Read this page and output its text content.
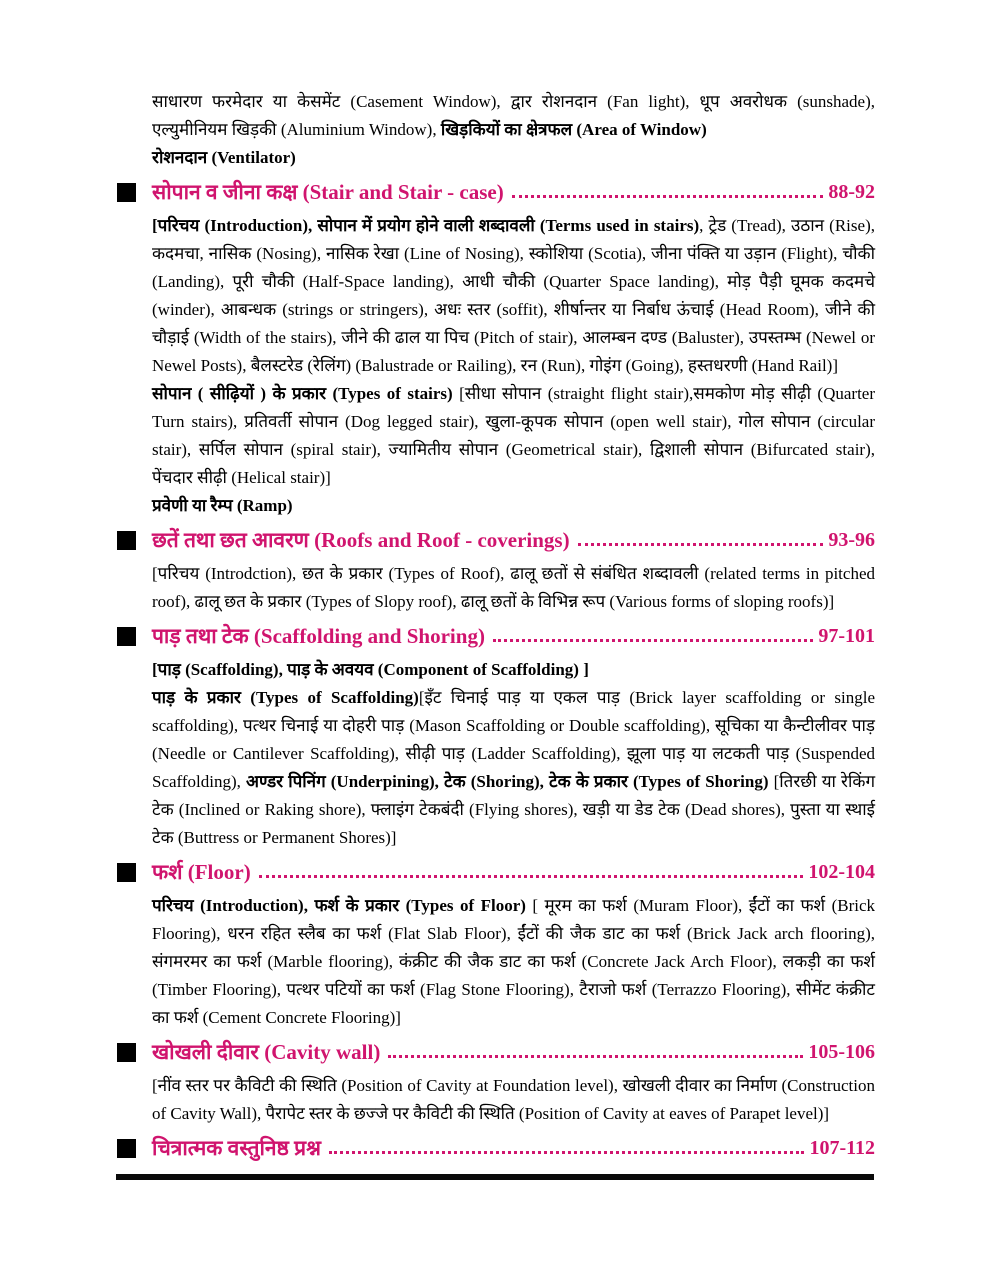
साधारण फरमेदार या केसमेंट (Casement Window), द्वार रोशनदान (Fan light), धूप अवरोधक (sunshade), एल्युमीनियम खिड़की (Aluminium Window), खिड़कियों का क्षेत्रफल (Area of Window)

रोशनदान (Ventilator)

सोपान व जीना कक्ष (Stair and Stair - case)	88-92

[परिचय (Introduction), सोपान में प्रयोग होने वाली शब्दावली (Terms used in stairs), ट्रेड (Tread), उठान (Rise), कदमचा, नासिक (Nosing), नासिक रेखा (Line of Nosing), स्कोशिया (Scotia), जीना पंक्ति या उड़ान (Flight), चौकी (Landing), पूरी चौकी (Half-Space landing), आधी चौकी (Quarter Space landing), मोड़ पैड़ी घूमक कदमचे (winder), आबन्धक (strings or stringers), अधः स्तर (soffit), शीर्षान्तर या निर्बाध ऊंचाई (Head Room), जीने की चौड़ाई (Width of the stairs), जीने की ढाल या पिच (Pitch of stair), आलम्बन दण्ड (Baluster), उपस्तम्भ (Newel or Newel Posts), बैलस्टरेड (रेलिंग) (Balustrade or Railing), रन (Run), गोइंग (Going), हस्तधरणी (Hand Rail)]

सोपान ( सीढ़ियों ) के प्रकार (Types of stairs) [सीधा सोपान (straight flight stair),समकोण मोड़ सीढ़ी (Quarter Turn stairs), प्रतिवर्ती सोपान (Dog legged stair), खुला-कूपक सोपान (open well stair), गोल सोपान (circular stair), सर्पिल सोपान (spiral stair), ज्यामितीय सोपान (Geometrical stair), द्विशाली सोपान (Bifurcated stair), पेंचदार सीढ़ी (Helical stair)]

प्रवेणी या रैम्प (Ramp)

छतें तथा छत आवरण (Roofs and Roof - coverings)	93-96

[परिचय (Introdction), छत के प्रकार (Types of Roof), ढालू छतों से संबंधित शब्दावली (related terms in pitched roof), ढालू छत के प्रकार (Types of Slopy roof), ढालू छतों के विभिन्न रूप (Various forms of sloping roofs)]

पाड़ तथा टेक (Scaffolding and Shoring)	97-101

[पाड़ (Scaffolding), पाड़ के अवयव (Component of Scaffolding) ]

पाड़ के प्रकार (Types of Scaffolding)[इँट चिनाई पाड़ या एकल पाड़ (Brick layer scaffolding or single scaffolding), पत्थर चिनाई या दोहरी पाड़ (Mason Scaffolding or Double scaffolding), सूचिका या कैन्टीलीवर पाड़ (Needle or Cantilever Scaffolding), सीढ़ी पाड़ (Ladder Scaffolding), झूला पाड़ या लटकती पाड़ (Suspended Scaffolding), अण्डर पिनिंग (Underpining), टेक (Shoring), टेक के प्रकार (Types of Shoring) [तिरछी या रेकिंग टेक (Inclined or Raking shore), फ्लाइंग टेकबंदी (Flying shores), खड़ी या डेड टेक (Dead shores), पुस्ता या स्थाई टेक (Buttress or Permanent Shores)]

फर्श (Floor)	102-104

परिचय (Introduction), फर्श के प्रकार (Types of Floor) [ मूरम का फर्श (Muram Floor), ईंटों का फर्श (Brick Flooring), धरन रहित स्लैब का फर्श (Flat Slab Floor), ईंटों की जैक डाट का फर्श (Brick Jack arch flooring), संगमरमर का फर्श (Marble flooring), कंक्रीट की जैक डाट का फर्श (Concrete Jack Arch Floor), लकड़ी का फर्श (Timber Flooring), पत्थर पटियों का फर्श (Flag Stone Flooring), टैराजो फर्श (Terrazzo Flooring), सीमेंट कंक्रीट का फर्श (Cement Concrete Flooring)]

खोखली दीवार (Cavity wall)	105-106

[नींव स्तर पर कैविटी की स्थिति (Position of Cavity at Foundation level), खोखली दीवार का निर्माण (Construction of Cavity Wall), पैरापेट स्तर के छज्जे पर कैविटी की स्थिति (Position of Cavity at eaves of Parapet level)]

चित्रात्मक वस्तुनिष्ठ प्रश्न	107-112
